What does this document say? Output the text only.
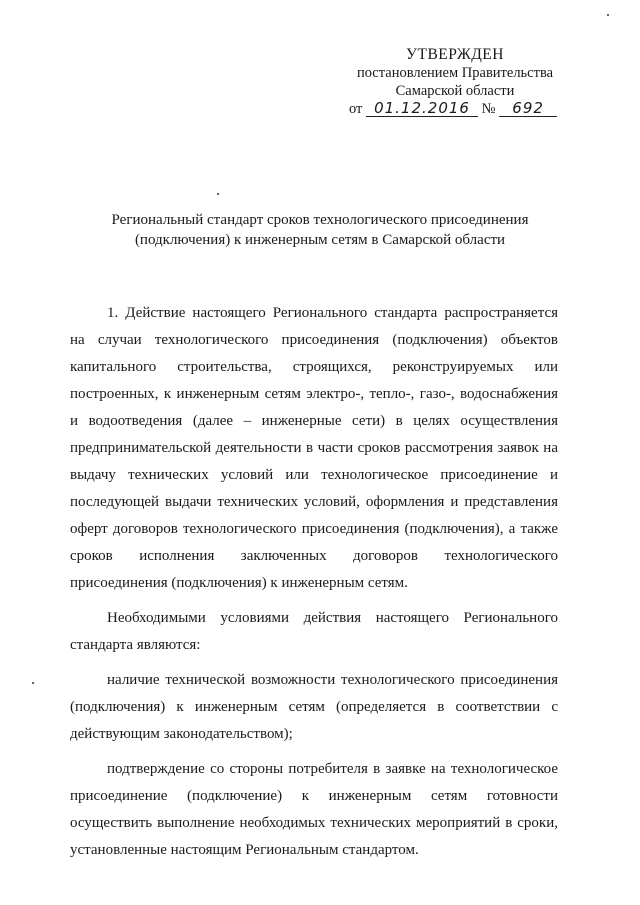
УТВЕРЖДЕН
постановлением Правительства
Самарской области
от 01.12.2016 № 692
Региональный стандарт сроков технологического присоединения
(подключения) к инженерным сетям в Самарской области

1. Действие настоящего Регионального стандарта распространяется на случаи технологического присоединения (подключения) объектов капитального строительства, строящихся, реконструируемых или построенных, к инженерным сетям электро-, тепло-, газо-, водоснабжения и водоотведения (далее – инженерные сети) в целях осуществления предпринимательской деятельности в части сроков рассмотрения заявок на выдачу технических условий или технологическое присоединение и последующей выдачи технических условий, оформления и представления оферт договоров технологического присоединения (подключения), а также сроков исполнения заключенных договоров технологического присоединения (подключения) к инженерным сетям.

Необходимыми условиями действия настоящего Регионального стандарта являются:

наличие технической возможности технологического присоединения (подключения) к инженерным сетям (определяется в соответствии с действующим законодательством);

подтверждение со стороны потребителя в заявке на технологическое присоединение (подключение) к инженерным сетям готовности осуществить выполнение необходимых технических мероприятий в сроки, установленные настоящим Региональным стандартом.
